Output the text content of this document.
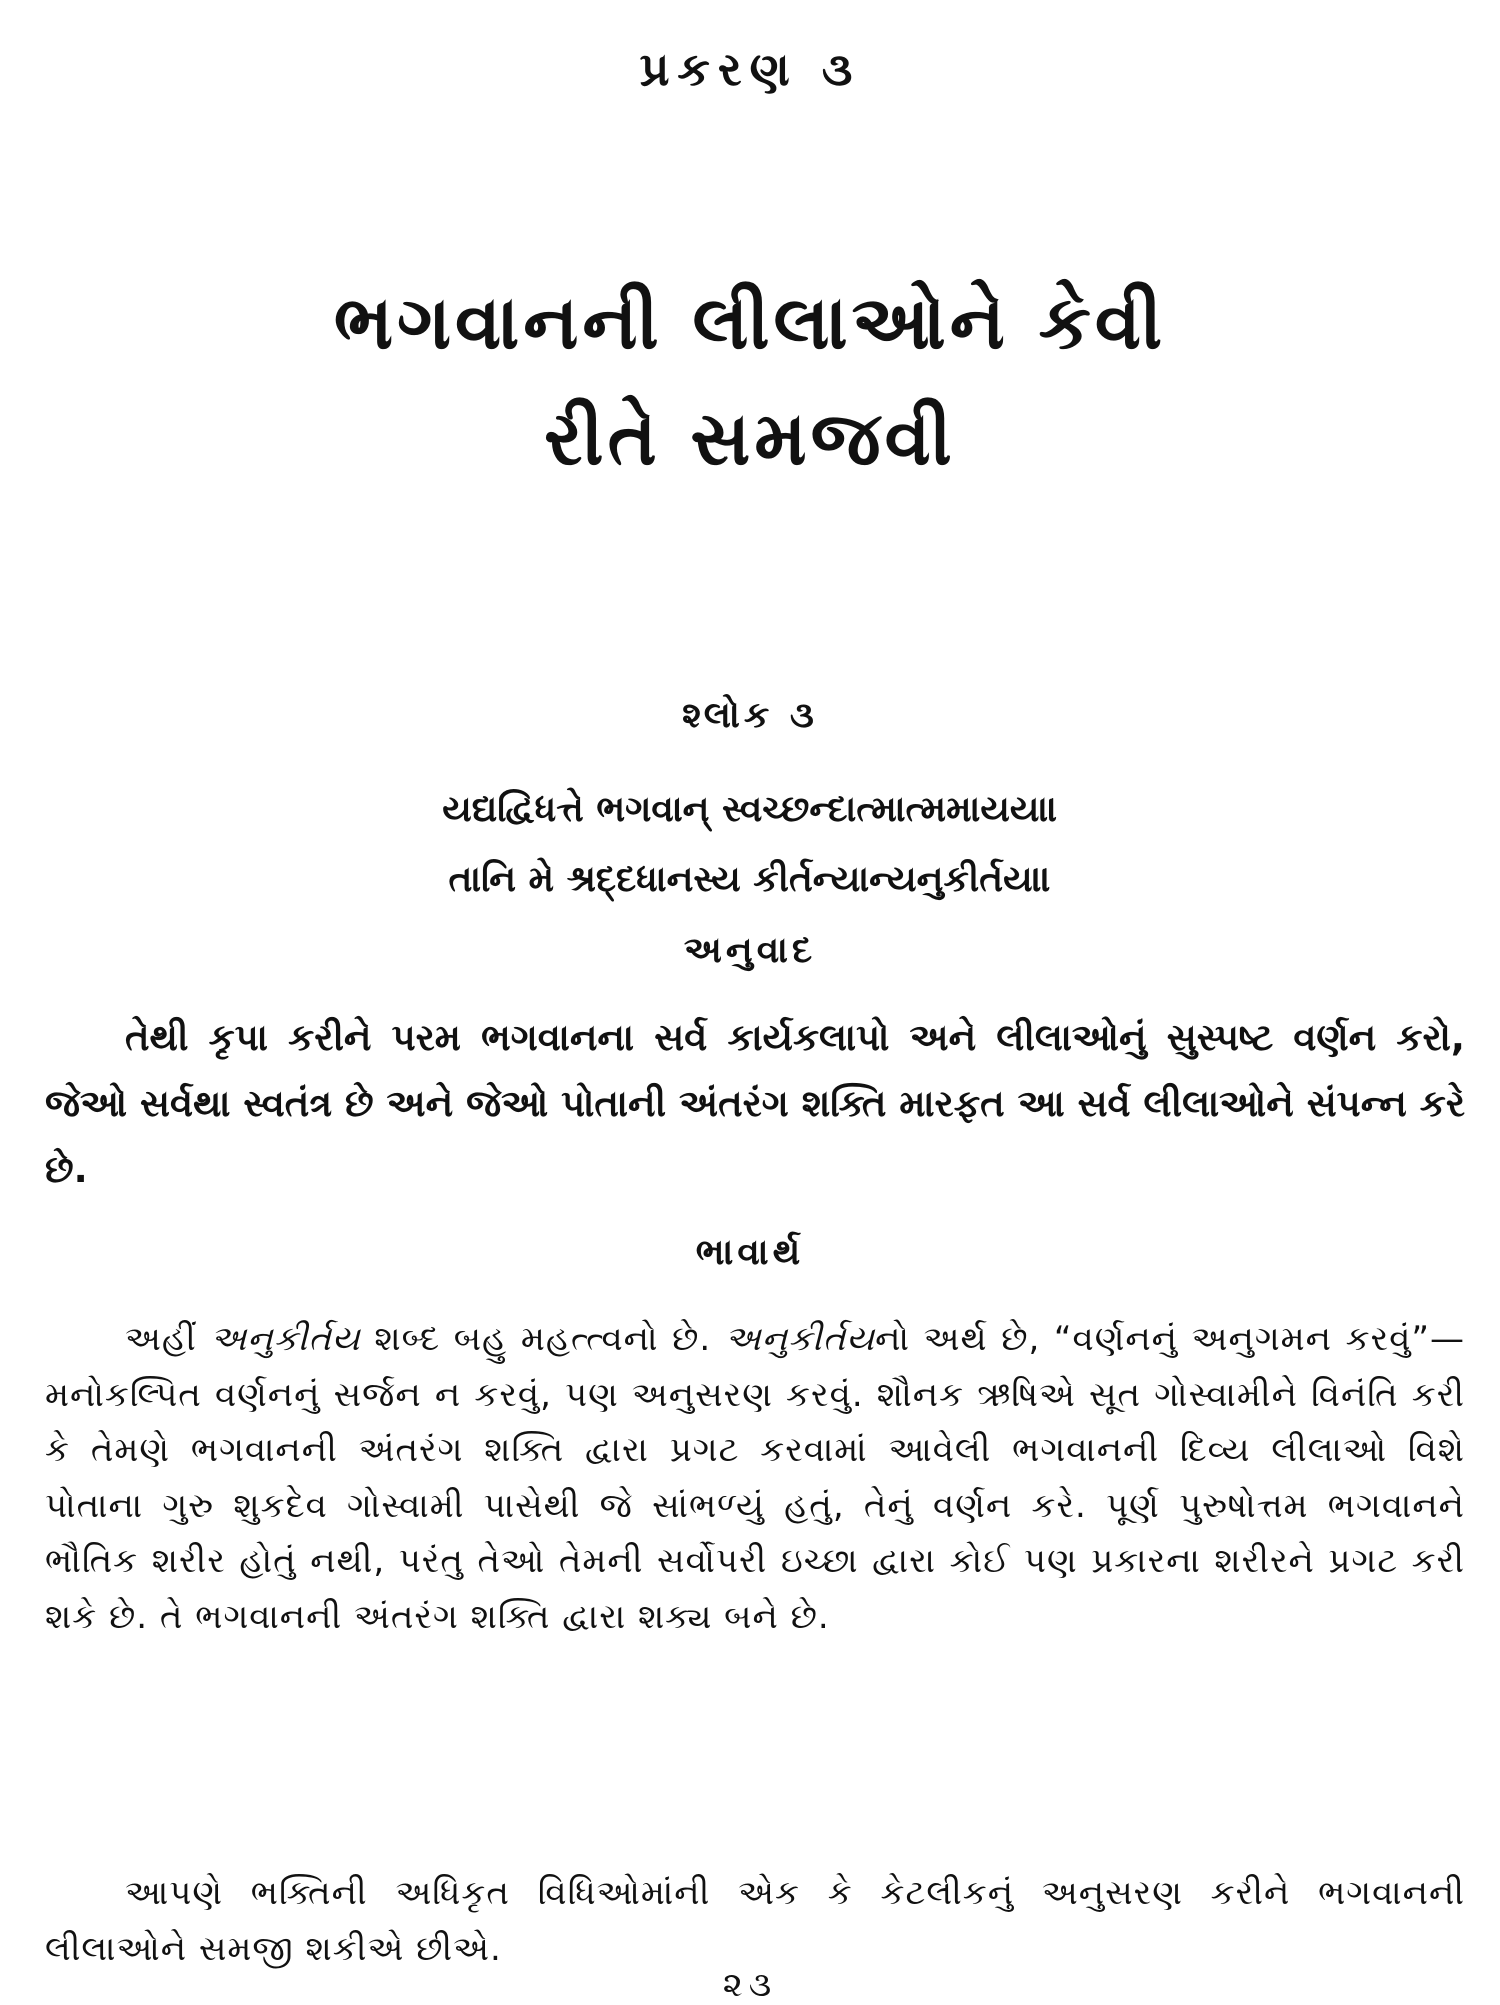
પ્રકરણ ૩
ભગવાનની લીલાઓને કેવી
રીતે સમજવી
શ્લોક ૩
યદ્યદ્વિધત્તે ભગવાન્ સ્વચ્છન્દાત્માત્મમાયયા।
તાનિ મે શ્રદ્દધાનસ્ય કીર્તન્યાન્યનુકીર્તય॥
અનુવાદ

તેથી કૃપા કરીને પરમ ભગવાનના સર્વ કાર્યકલાપો અને લીલાઓનું સુસ્પષ્ટ વર્ણન કરો, જેઓ સર્વથા સ્વતંત્ર છે અને જેઓ પોતાની અંતરંગ શક્તિ મારફત આ સર્વ લીલાઓને સંપન્ન કરે છે.

ભાવાર્થ

અહીં અનુકીર્તય શબ્દ બહુ મહત્ત્વનો છે. અનુકીર્તયનો અર્થ છે, “વર્ણનનું અનુગમન કરવું”—મનોકલ્પિત વર્ણનનું સર્જન ન કરવું, પણ અનુસરણ કરવું. શૌનક ઋષિએ સૂત ગોસ્વામીને વિનંતિ કરી કે તેમણે ભગવાનની અંતરંગ શક્તિ દ્વારા પ્રગટ કરવામાં આવેલી ભગવાનની દિવ્ય લીલાઓ વિશે પોતાના ગુરુ શુકદેવ ગોસ્વામી પાસેથી જે સાંભળ્યું હતું, તેનું વર્ણન કરે. પૂર્ણ પુરુષોત્તમ ભગવાનને ભૌતિક શરીર હોતું નથી, પરંતુ તેઓ તેમની સર્વોપરી ઇચ્છા દ્વારા કોઈ પણ પ્રકારના શરીરને પ્રગટ કરી શકે છે. તે ભગવાનની અંતરંગ શક્તિ દ્વારા શક્ય બને છે.

આપણે ભક્તિની અધિકૃત વિધિઓમાંની એક કે કેટલીકનું અનુસરણ કરીને ભગવાનની લીલાઓને સમજી શકીએ છીએ.

૨૩
